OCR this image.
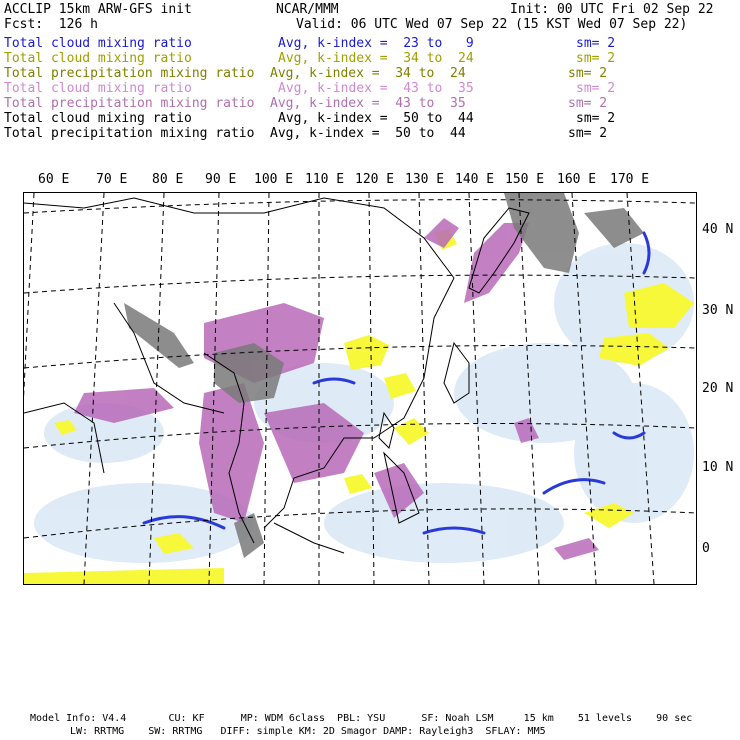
ACCLIP 15km ARW-GFS init	NCAR/MMM	Init: 00 UTC Fri 02 Sep 22
Fcst:  126 h	Valid: 06 UTC Wed 07 Sep 22 (15 KST Wed 07 Sep 22)
Total cloud mixing ratio	Avg, k-index =  23 to   9	sm= 2
Total cloud mixing ratio	Avg, k-index =  34 to  24	sm= 2
Total precipitation mixing ratio Avg, k-index =  34 to  24	sm= 2
Total cloud mixing ratio	Avg, k-index =  43 to  35	sm= 2
Total precipitation mixing ratio Avg, k-index =  43 to  35	sm= 2
Total cloud mixing ratio	Avg, k-index =  50 to  44	sm= 2
Total precipitation mixing ratio Avg, k-index =  50 to  44	sm= 2
60 E 70 E 80 E 90 E 100 E 110 E 120 E 130 E 140 E 150 E 160 E 170 E
40 N
30 N
20 N
10 N
0
Model Info: V4.4       CU: KF      MP: WDM 6class  PBL: YSU      SF: Noah LSM     15 km    51 levels    90 sec
LW: RRTMG    SW: RRTMG   DIFF: simple KM: 2D Smagor DAMP: Rayleigh3  SFLAY: MM5
